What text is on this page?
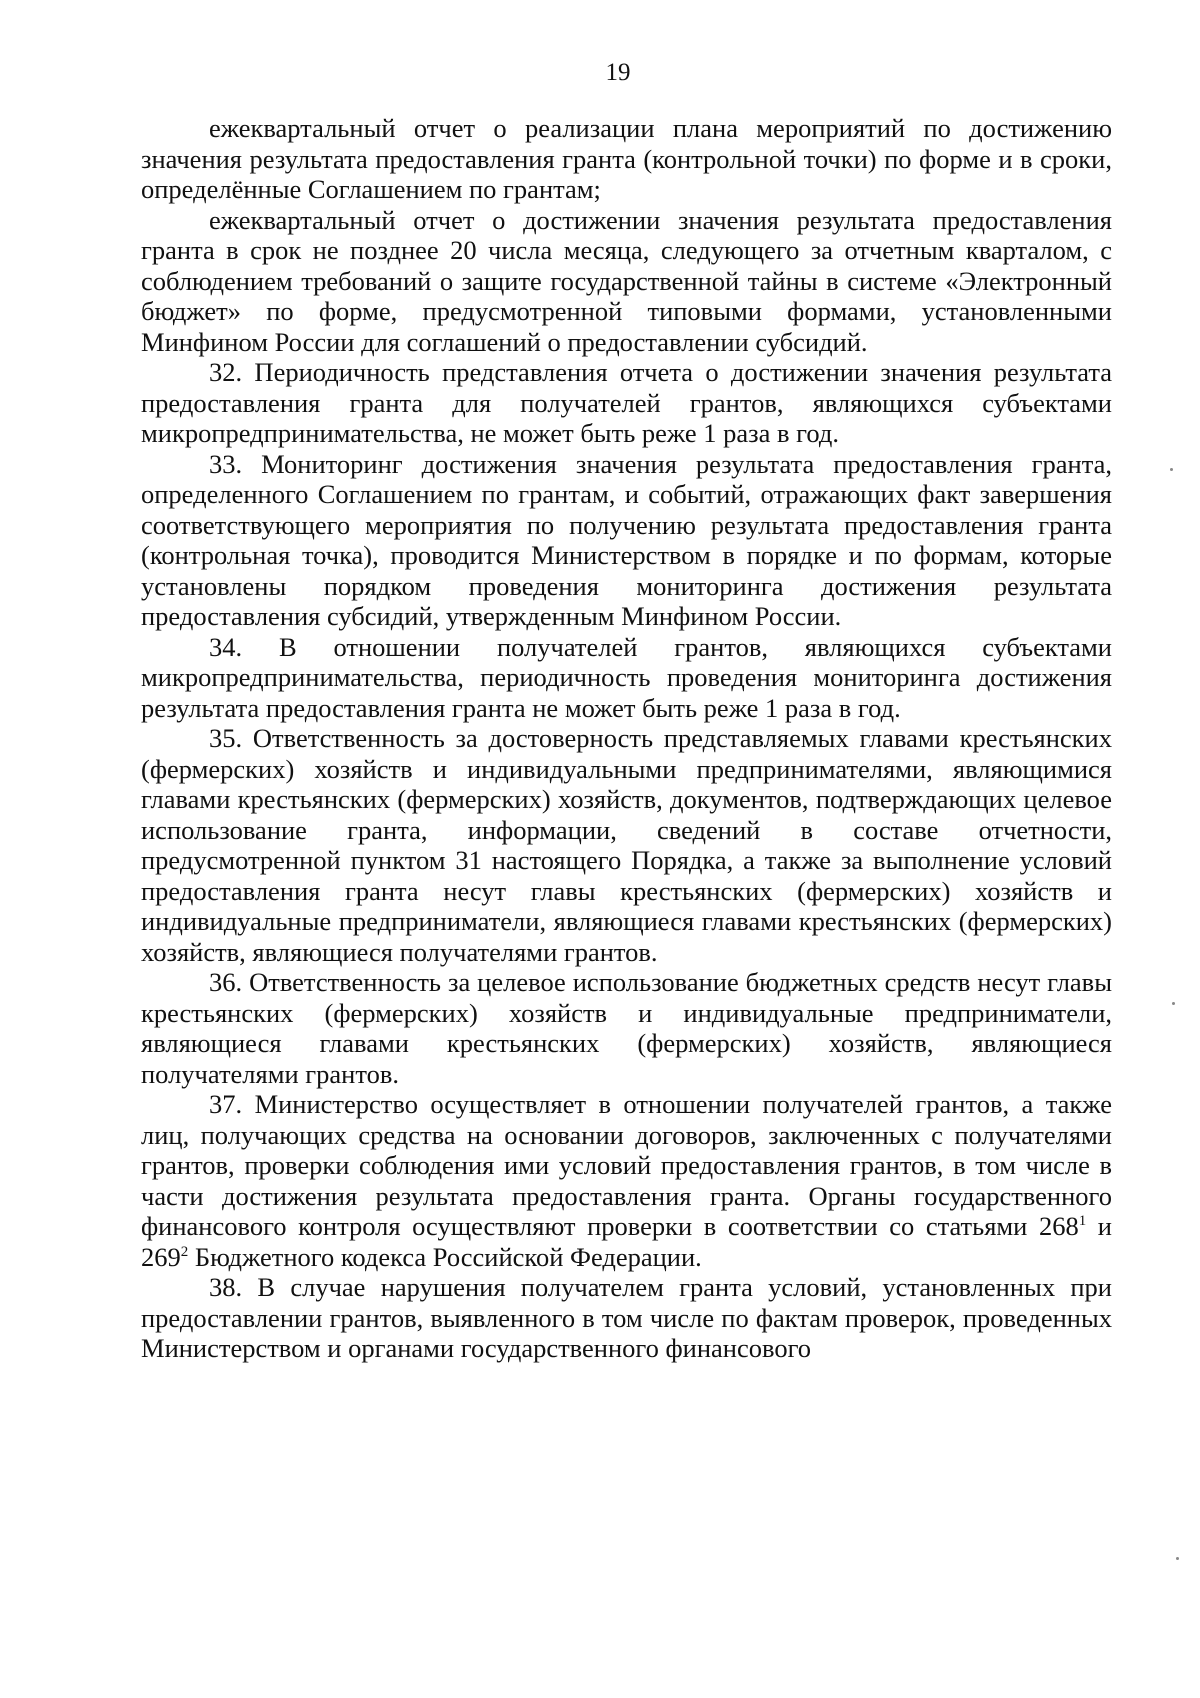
19

ежеквартальный отчет о реализации плана мероприятий по достижению значения результата предоставления гранта (контрольной точки) по форме и в сроки, определённые Соглашением по грантам;

ежеквартальный отчет о достижении значения результата предоставления гранта в срок не позднее 20 числа месяца, следующего за отчетным кварталом, с соблюдением требований о защите государственной тайны в системе «Электронный бюджет» по форме, предусмотренной типовыми формами, установленными Минфином России для соглашений о предоставлении субсидий.

32. Периодичность представления отчета о достижении значения результата предоставления гранта для получателей грантов, являющихся субъектами микропредпринимательства, не может быть реже 1 раза в год.

33. Мониторинг достижения значения результата предоставления гранта, определенного Соглашением по грантам, и событий, отражающих факт завершения соответствующего мероприятия по получению результата предоставления гранта (контрольная точка), проводится Министерством в порядке и по формам, которые установлены порядком проведения мониторинга достижения результата предоставления субсидий, утвержденным Минфином России.

34. В отношении получателей грантов, являющихся субъектами микропредпринимательства, периодичность проведения мониторинга достижения результата предоставления гранта не может быть реже 1 раза в год.

35. Ответственность за достоверность представляемых главами крестьянских (фермерских) хозяйств и индивидуальными предпринимателями, являющимися главами крестьянских (фермерских) хозяйств, документов, подтверждающих целевое использование гранта, информации, сведений в составе отчетности, предусмотренной пунктом 31 настоящего Порядка, а также за выполнение условий предоставления гранта несут главы крестьянских (фермерских) хозяйств и индивидуальные предприниматели, являющиеся главами крестьянских (фермерских) хозяйств, являющиеся получателями грантов.

36. Ответственность за целевое использование бюджетных средств несут главы крестьянских (фермерских) хозяйств и индивидуальные предприниматели, являющиеся главами крестьянских (фермерских) хозяйств, являющиеся получателями грантов.

37. Министерство осуществляет в отношении получателей грантов, а также лиц, получающих средства на основании договоров, заключенных с получателями грантов, проверки соблюдения ими условий предоставления грантов, в том числе в части достижения результата предоставления гранта. Органы государственного финансового контроля осуществляют проверки в соответствии со статьями $268^1$ и $269^2$ Бюджетного кодекса Российской Федерации.

38. В случае нарушения получателем гранта условий, установленных при предоставлении грантов, выявленного в том числе по фактам проверок, проведенных Министерством и органами государственного финансового
